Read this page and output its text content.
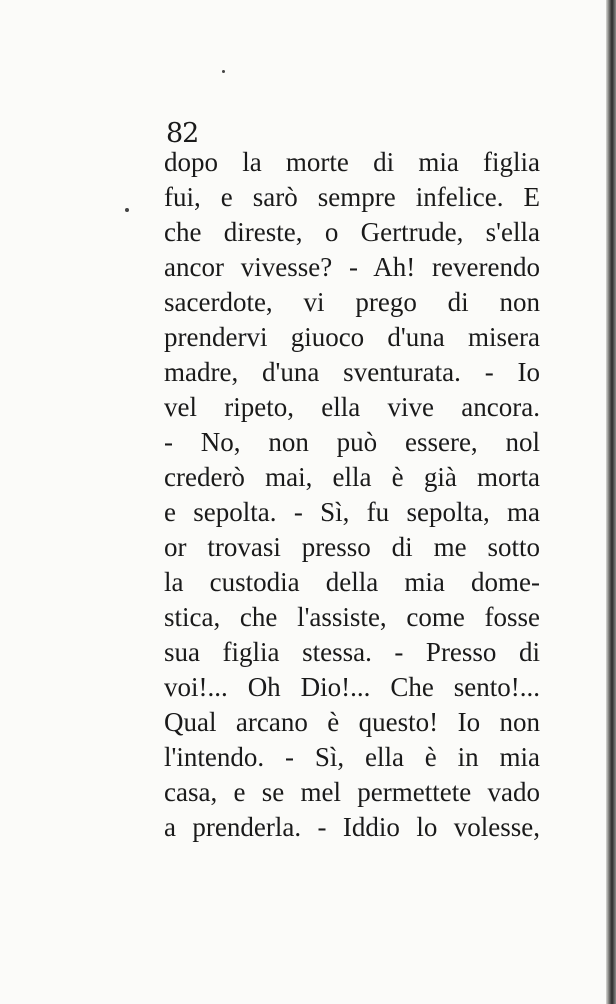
82
dopo la morte di mia figlia
fui, e sarò sempre infelice. E
che direste, o Gertrude, s'ella
ancor vivesse? - Ah! reverendo
sacerdote, vi prego di non
prendervi giuoco d'una misera
madre, d'una sventurata. - Io
vel ripeto, ella vive ancora.
- No, non può essere, nol
crederò mai, ella è già morta
e sepolta. - Sì, fu sepolta, ma
or trovasi presso di me sotto
la custodia della mia dome-
stica, che l'assiste, come fosse
sua figlia stessa. - Presso di
voi!... Oh Dio!... Che sento!...
Qual arcano è questo! Io non
l'intendo. - Sì, ella è in mia
casa, e se mel permettete vado
a prenderla. - Iddio lo volesse,
